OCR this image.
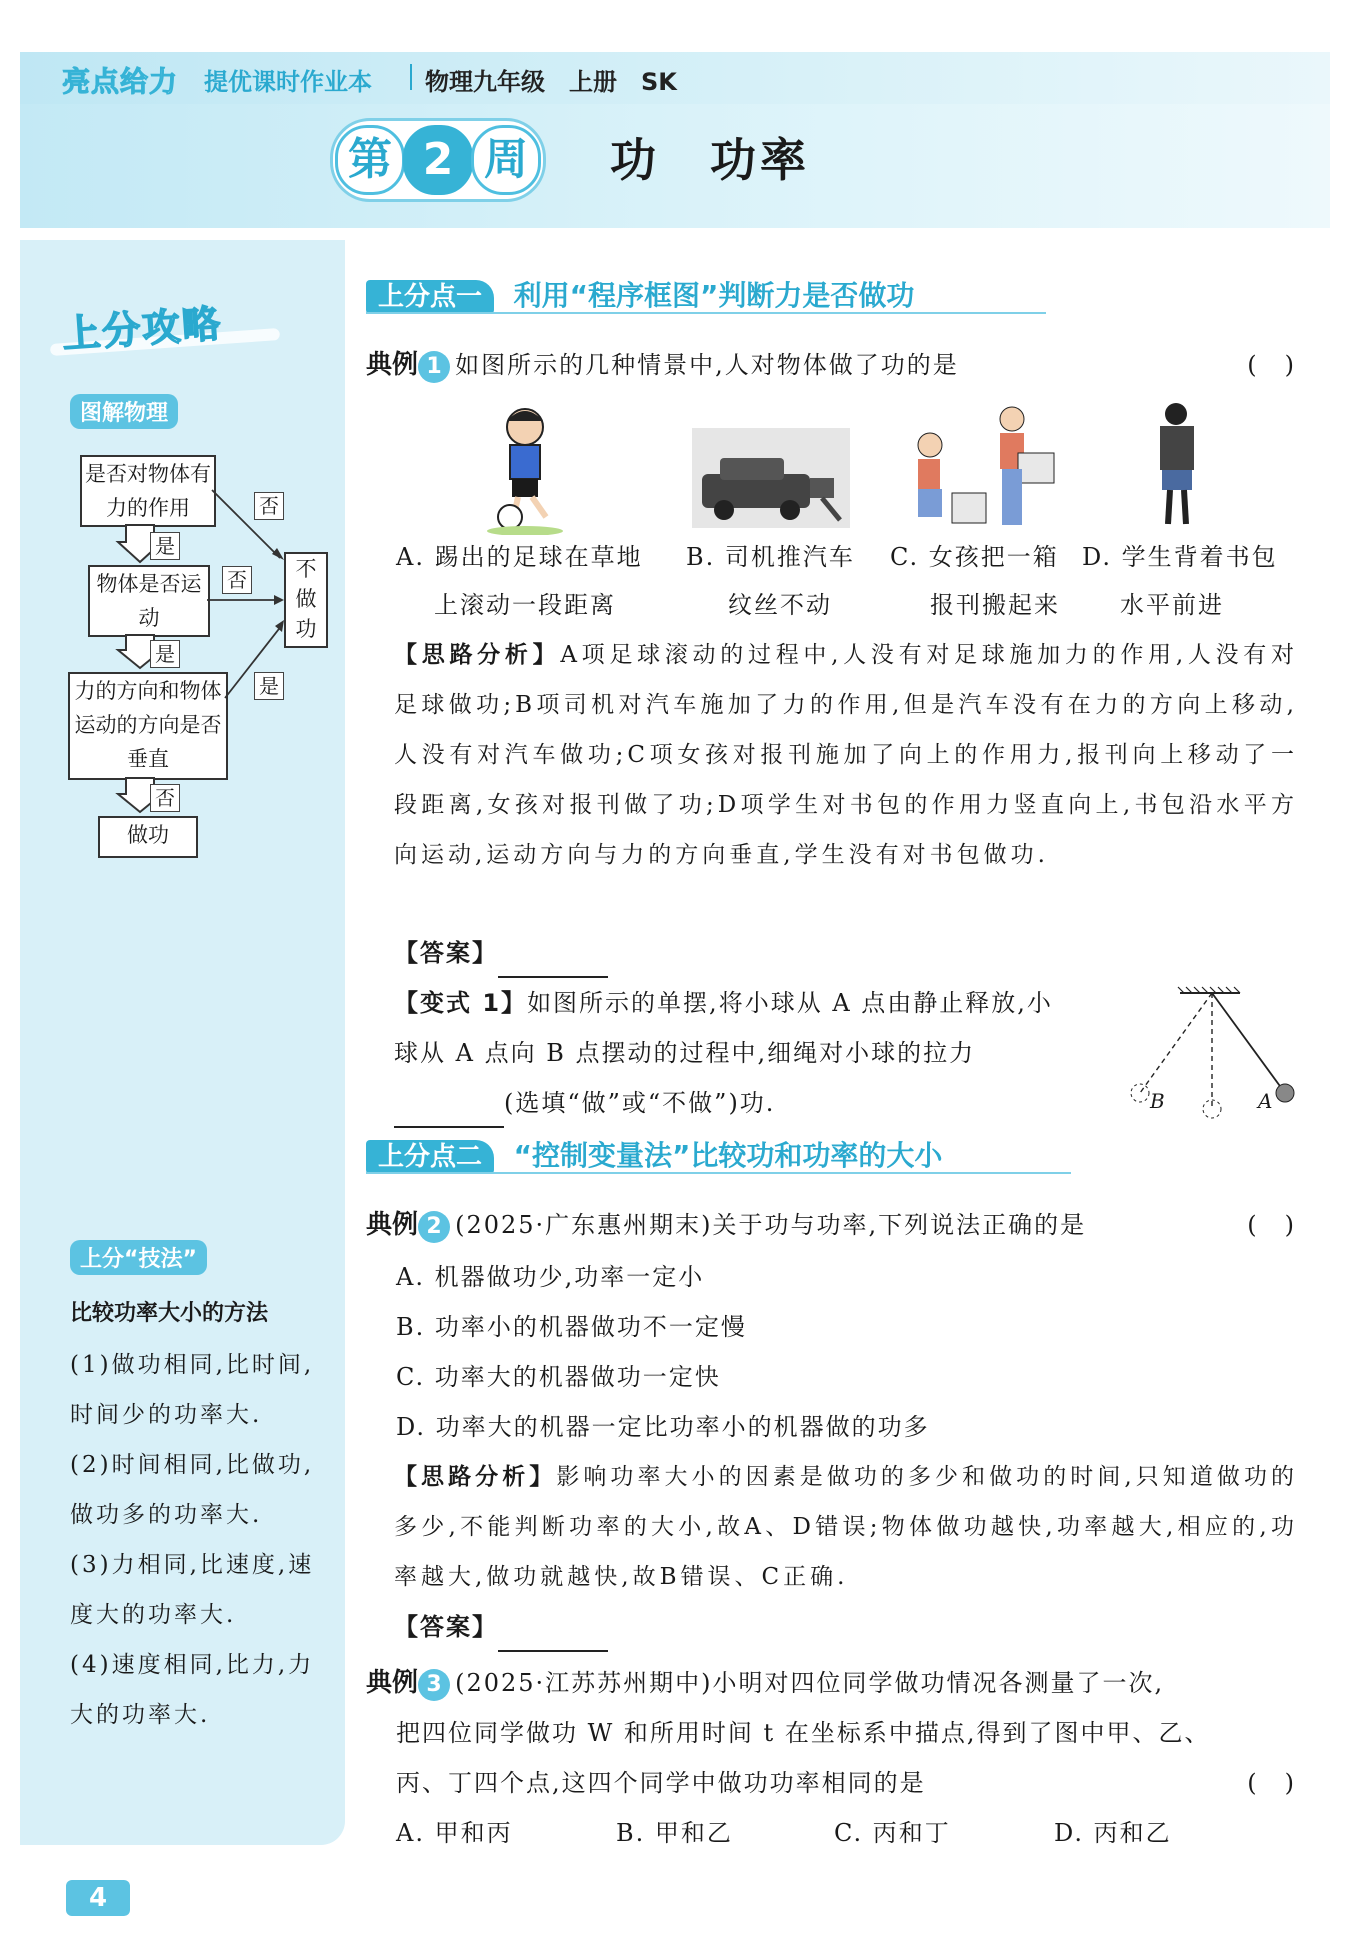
亮点给力 提优课时作业本 物理九年级　上册　SK
第 2 周 功　功率
上分攻略
图解物理
是否对物体有力的作用
物体是否运动
力的方向和物体运动的方向是否垂直
做功
不做功
否
是
否
是
是
否
上分“技法”
比较功率大小的方法
(1)做功相同,比时间,时间少的功率大.
(2)时间相同,比做功,做功多的功率大.
(3)力相同,比速度,速度大的功率大.
(4)速度相同,比力,力大的功率大.
4
上分点一 利用“程序框图”判断力是否做功
典例 1 如图所示的几种情景中,人对物体做了功的是	(　)
A. 踢出的足球在草地
上滚动一段距离
B. 司机推汽车
纹丝不动
C. 女孩把一箱
报刊搬起来
D. 学生背着书包
水平前进
【思路分析】A项足球滚动的过程中,人没有对足球施加力的作用,人没有对足球做功;B项司机对汽车施加了力的作用,但是汽车没有在力的方向上移动,人没有对汽车做功;C项女孩对报刊施加了向上的作用力,报刊向上移动了一段距离,女孩对报刊做了功;D项学生对书包的作用力竖直向上,书包沿水平方向运动,运动方向与力的方向垂直,学生没有对书包做功.
【答案】
【变式 1】如图所示的单摆,将小球从 A 点由静止释放,小
球从 A 点向 B 点摆动的过程中,细绳对小球的拉力
(选填“做”或“不做”)功.	B	A
上分点二 “控制变量法”比较功和功率的大小
典例 2 (2025·广东惠州期末)关于功与功率,下列说法正确的是	(　)
A. 机器做功少,功率一定小
B. 功率小的机器做功不一定慢
C. 功率大的机器做功一定快
D. 功率大的机器一定比功率小的机器做的功多
【思路分析】影响功率大小的因素是做功的多少和做功的时间,只知道做功的多少,不能判断功率的大小,故A、D错误;物体做功越快,功率越大,相应的,功率越大,做功就越快,故B错误、C正确.
【答案】
典例 3 (2025·江苏苏州期中)小明对四位同学做功情况各测量了一次,
把四位同学做功 W 和所用时间 t 在坐标系中描点,得到了图中甲、乙、
丙、丁四个点,这四个同学中做功功率相同的是	(　)
A. 甲和丙	B. 甲和乙	C. 丙和丁	D. 丙和乙
